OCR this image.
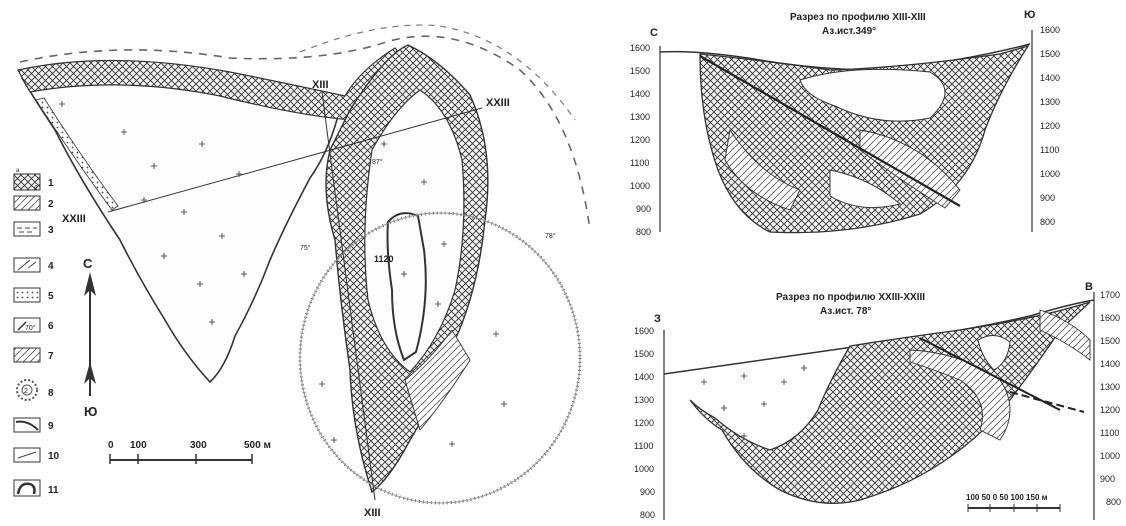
XXIII
XXIII
XIII
XIII
1120
87°
75°
78°
С
Ю
0 100	300	500 м
а
б 1
2
3
4
5
70° 6
7
2 8
9
10
11
Разрез по профилю XIII-XIII
Аз.ист.349°
С
Ю
1600
1500
1400
1300
1200
1100
1000
900
800
1600
1500
1400
1300
1200
1100
1000
900
800
Разрез по профилю XXIII-XXIII
Аз.ист. 78°
З
В
1600
1500
1400
1300
1200
1100
1000
900
800
1700
1600
1500
1400
1300
1200
1100
1000
900
800
100 50 0 50 100 150 м
